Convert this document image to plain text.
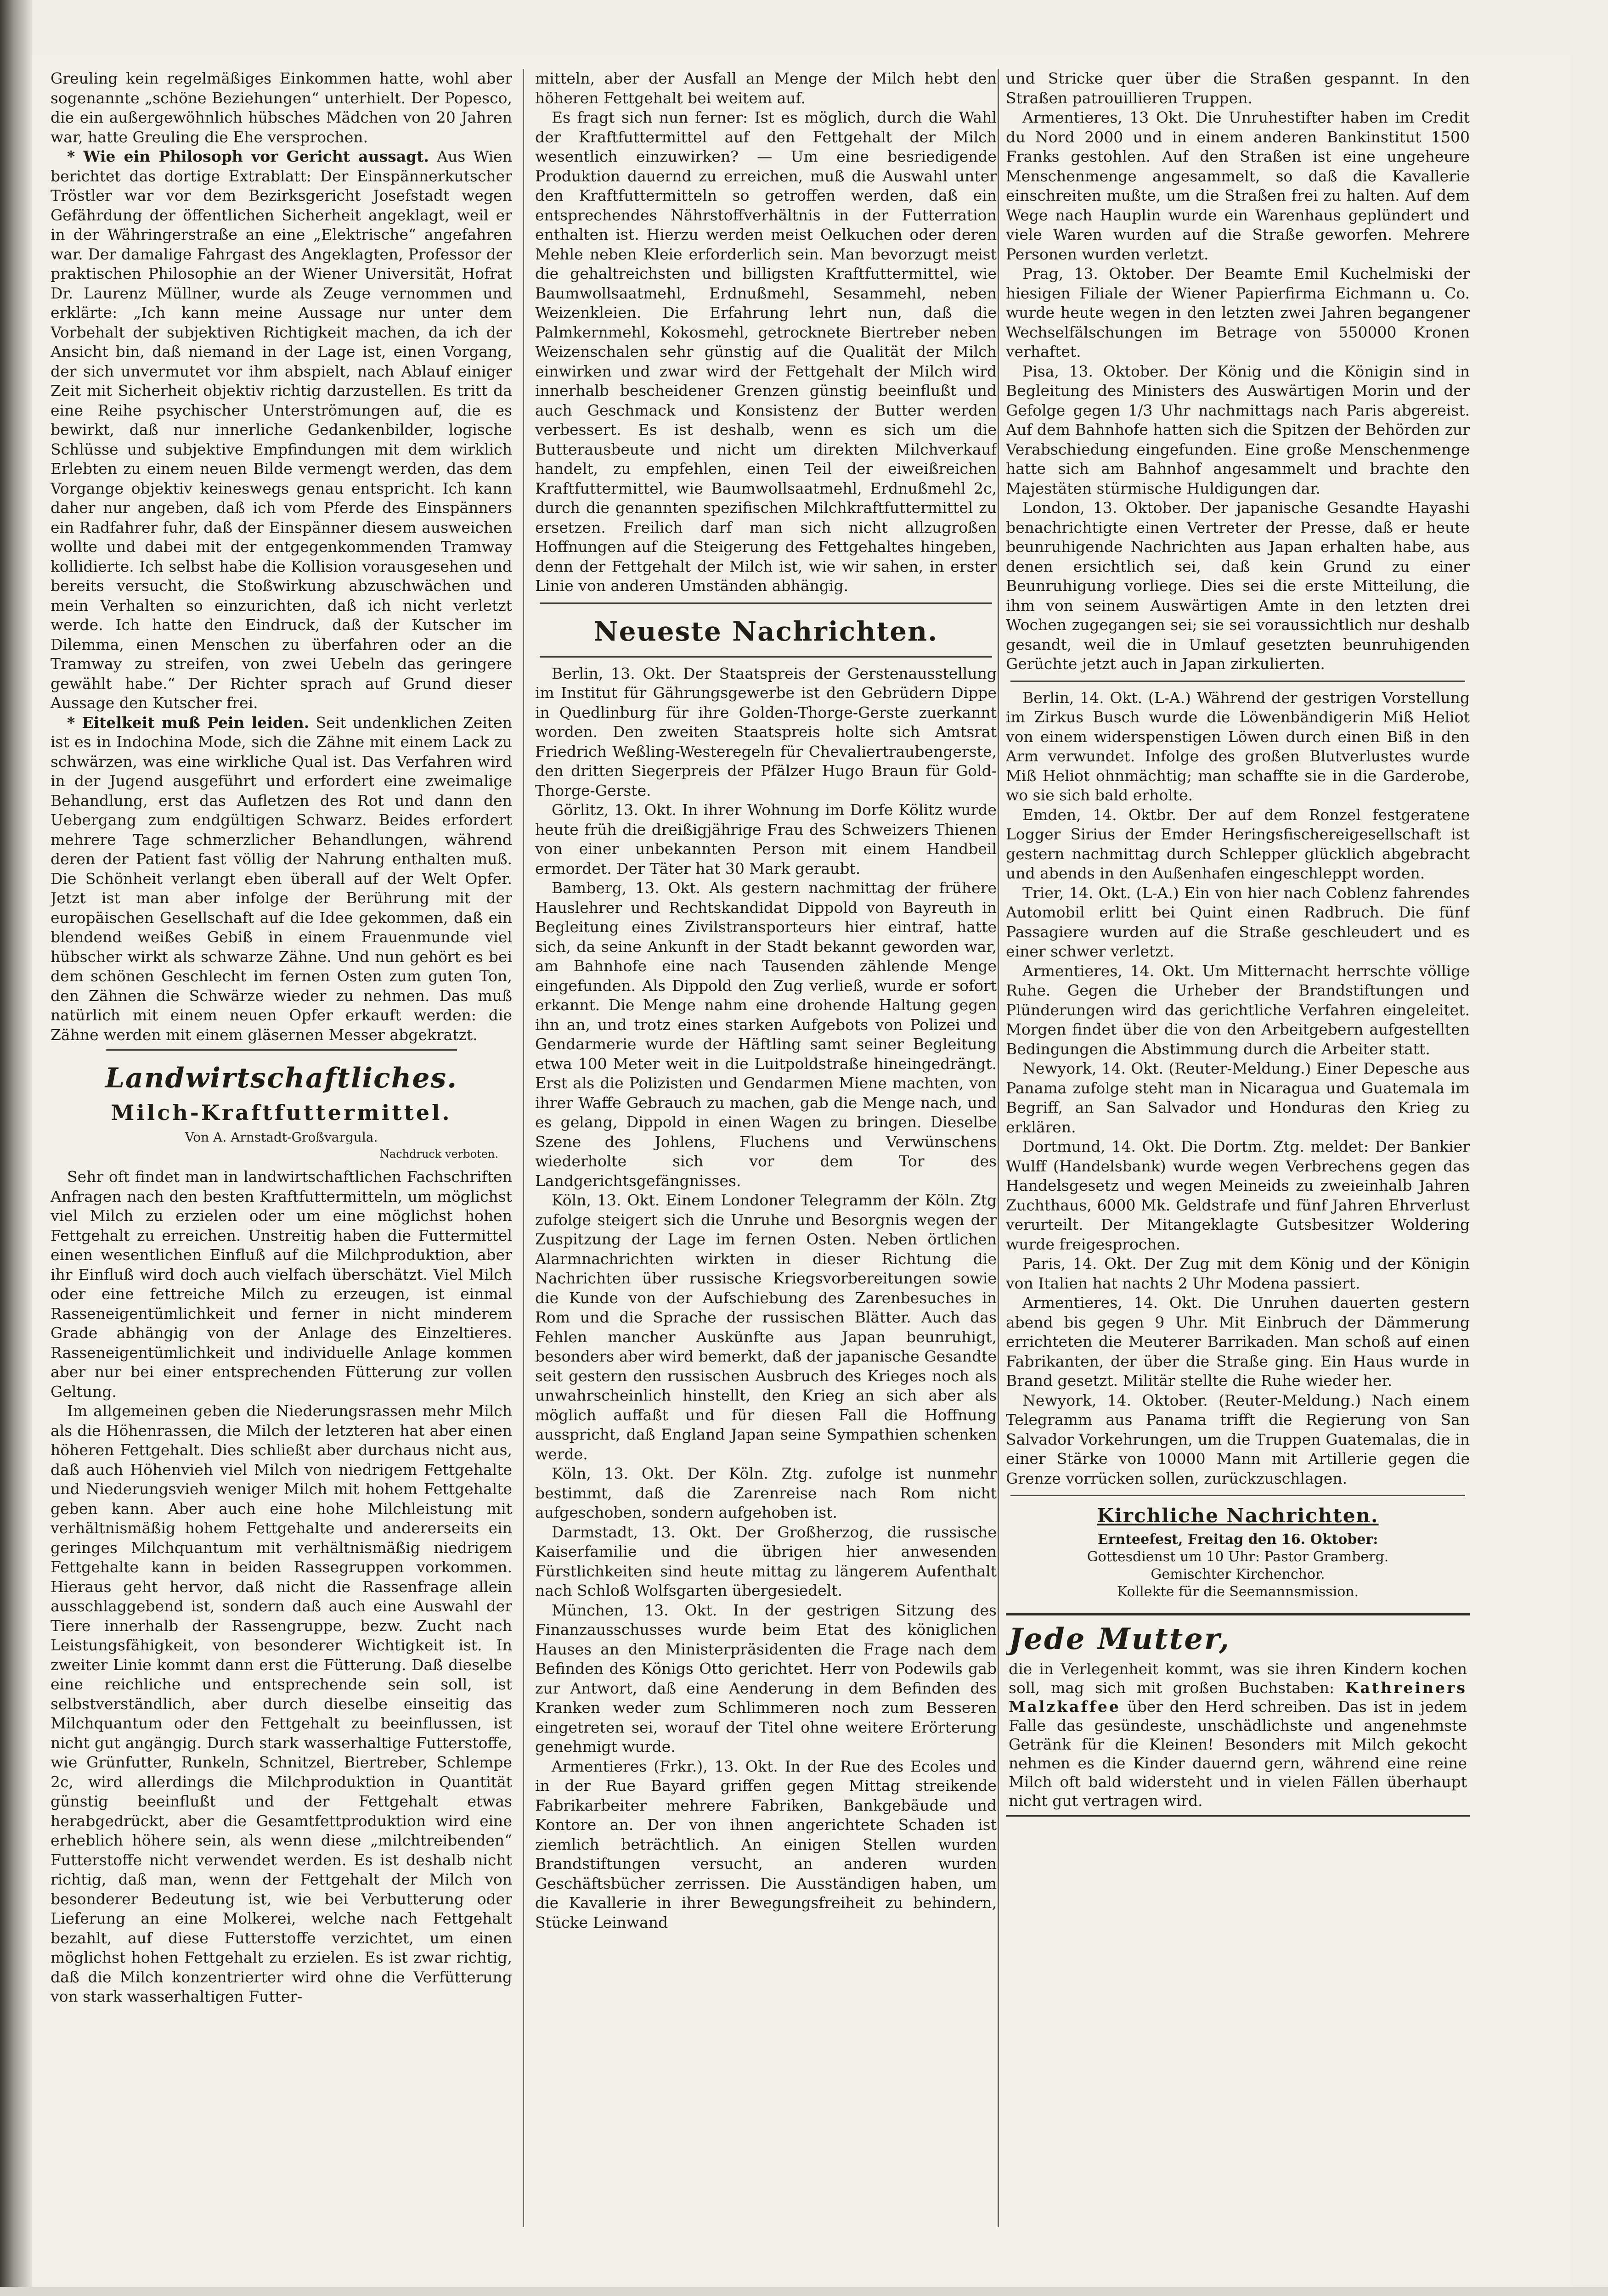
Greuling kein regelmäßiges Einkommen hatte, wohl aber sogenannte „schöne Beziehungen“ unterhielt. Der Popesco, die ein außergewöhnlich hübsches Mädchen von 20 Jahren war, hatte Greuling die Ehe versprochen.

* Wie ein Philosoph vor Gericht aussagt. Aus Wien berichtet das dortige Extrablatt: Der Einspännerkutscher Tröstler war vor dem Bezirksgericht Josefstadt wegen Gefährdung der öffentlichen Sicherheit angeklagt, weil er in der Währingerstraße an eine „Elektrische“ angefahren war. Der damalige Fahrgast des Angeklagten, Professor der praktischen Philosophie an der Wiener Universität, Hofrat Dr. Laurenz Müllner, wurde als Zeuge vernommen und erklärte: „Ich kann meine Aussage nur unter dem Vorbehalt der subjektiven Richtigkeit machen, da ich der Ansicht bin, daß niemand in der Lage ist, einen Vorgang, der sich unvermutet vor ihm abspielt, nach Ablauf einiger Zeit mit Sicherheit objektiv richtig darzustellen. Es tritt da eine Reihe psychischer Unterströmungen auf, die es bewirkt, daß nur innerliche Gedankenbilder, logische Schlüsse und subjektive Empfindungen mit dem wirklich Erlebten zu einem neuen Bilde vermengt werden, das dem Vorgange objektiv keineswegs genau entspricht. Ich kann daher nur angeben, daß ich vom Pferde des Einspänners ein Radfahrer fuhr, daß der Einspänner diesem ausweichen wollte und dabei mit der entgegenkommenden Tramway kollidierte. Ich selbst habe die Kollision vorausgesehen und bereits versucht, die Stoßwirkung abzuschwächen und mein Verhalten so einzurichten, daß ich nicht verletzt werde. Ich hatte den Eindruck, daß der Kutscher im Dilemma, einen Menschen zu überfahren oder an die Tramway zu streifen, von zwei Uebeln das geringere gewählt habe.“ Der Richter sprach auf Grund dieser Aussage den Kutscher frei.

* Eitelkeit muß Pein leiden. Seit undenklichen Zeiten ist es in Indochina Mode, sich die Zähne mit einem Lack zu schwärzen, was eine wirkliche Qual ist. Das Verfahren wird in der Jugend ausgeführt und erfordert eine zweimalige Behandlung, erst das Aufletzen des Rot und dann den Uebergang zum endgültigen Schwarz. Beides erfordert mehrere Tage schmerzlicher Behandlungen, während deren der Patient fast völlig der Nahrung enthalten muß. Die Schönheit verlangt eben überall auf der Welt Opfer. Jetzt ist man aber infolge der Berührung mit der europäischen Gesellschaft auf die Idee gekommen, daß ein blendend weißes Gebiß in einem Frauenmunde viel hübscher wirkt als schwarze Zähne. Und nun gehört es bei dem schönen Geschlecht im fernen Osten zum guten Ton, den Zähnen die Schwärze wieder zu nehmen. Das muß natürlich mit einem neuen Opfer erkauft werden: die Zähne werden mit einem gläsernen Messer abgekratzt.

Landwirtschaftliches.
Milch-Kraftfuttermittel.
Von A. Arnstadt-Großvargula.
Nachdruck verboten.

Sehr oft findet man in landwirtschaftlichen Fachschriften Anfragen nach den besten Kraftfuttermitteln, um möglichst viel Milch zu erzielen oder um eine möglichst hohen Fettgehalt zu erreichen. Unstreitig haben die Futtermittel einen wesentlichen Einfluß auf die Milchproduktion, aber ihr Einfluß wird doch auch vielfach überschätzt. Viel Milch oder eine fettreiche Milch zu erzeugen, ist einmal Rasseneigentümlichkeit und ferner in nicht minderem Grade abhängig von der Anlage des Einzeltieres. Rasseneigentümlichkeit und individuelle Anlage kommen aber nur bei einer entsprechenden Fütterung zur vollen Geltung.

Im allgemeinen geben die Niederungsrassen mehr Milch als die Höhenrassen, die Milch der letzteren hat aber einen höheren Fettgehalt. Dies schließt aber durchaus nicht aus, daß auch Höhenvieh viel Milch von niedrigem Fettgehalte und Niederungsvieh weniger Milch mit hohem Fettgehalte geben kann. Aber auch eine hohe Milchleistung mit verhältnismäßig hohem Fettgehalte und andererseits ein geringes Milchquantum mit verhältnismäßig niedrigem Fettgehalte kann in beiden Rassegruppen vorkommen. Hieraus geht hervor, daß nicht die Rassenfrage allein ausschlaggebend ist, sondern daß auch eine Auswahl der Tiere innerhalb der Rassengruppe, bezw. Zucht nach Leistungsfähigkeit, von besonderer Wichtigkeit ist. In zweiter Linie kommt dann erst die Fütterung. Daß dieselbe eine reichliche und entsprechende sein soll, ist selbstverständlich, aber durch dieselbe einseitig das Milchquantum oder den Fettgehalt zu beeinflussen, ist nicht gut angängig. Durch stark wasserhaltige Futterstoffe, wie Grünfutter, Runkeln, Schnitzel, Biertreber, Schlempe 2c, wird allerdings die Milchproduktion in Quantität günstig beeinflußt und der Fettgehalt etwas herabgedrückt, aber die Gesamtfettproduktion wird eine erheblich höhere sein, als wenn diese „milchtreibenden“ Futterstoffe nicht verwendet werden. Es ist deshalb nicht richtig, daß man, wenn der Fettgehalt der Milch von besonderer Bedeutung ist, wie bei Verbutterung oder Lieferung an eine Molkerei, welche nach Fettgehalt bezahlt, auf diese Futterstoffe verzichtet, um einen möglichst hohen Fettgehalt zu erzielen. Es ist zwar richtig, daß die Milch konzentrierter wird ohne die Verfütterung von stark wasserhaltigen Futter-

mitteln, aber der Ausfall an Menge der Milch hebt den höheren Fettgehalt bei weitem auf.

Es fragt sich nun ferner: Ist es möglich, durch die Wahl der Kraftfuttermittel auf den Fettgehalt der Milch wesentlich einzuwirken? — Um eine besriedigende Produktion dauernd zu erreichen, muß die Auswahl unter den Kraftfuttermitteln so getroffen werden, daß ein entsprechendes Nährstoffverhältnis in der Futterration enthalten ist. Hierzu werden meist Oelkuchen oder deren Mehle neben Kleie erforderlich sein. Man bevorzugt meist die gehaltreichsten und billigsten Kraftfuttermittel, wie Baumwollsaatmehl, Erdnußmehl, Sesammehl, neben Weizenkleien. Die Erfahrung lehrt nun, daß die Palmkernmehl, Kokosmehl, getrocknete Biertreber neben Weizenschalen sehr günstig auf die Qualität der Milch einwirken und zwar wird der Fettgehalt der Milch wird innerhalb bescheidener Grenzen günstig beeinflußt und auch Geschmack und Konsistenz der Butter werden verbessert. Es ist deshalb, wenn es sich um die Butterausbeute und nicht um direkten Milchverkauf handelt, zu empfehlen, einen Teil der eiweißreichen Kraftfuttermittel, wie Baumwollsaatmehl, Erdnußmehl 2c, durch die genannten spezifischen Milchkraftfuttermittel zu ersetzen. Freilich darf man sich nicht allzugroßen Hoffnungen auf die Steigerung des Fettgehaltes hingeben, denn der Fettgehalt der Milch ist, wie wir sahen, in erster Linie von anderen Umständen abhängig.

Neueste Nachrichten.

Berlin, 13. Okt. Der Staatspreis der Gerstenausstellung im Institut für Gährungsgewerbe ist den Gebrüdern Dippe in Quedlinburg für ihre Golden-Thorge-Gerste zuerkannt worden. Den zweiten Staatspreis holte sich Amtsrat Friedrich Weßling-Westeregeln für Chevaliertraubengerste, den dritten Siegerpreis der Pfälzer Hugo Braun für Gold-Thorge-Gerste.

Görlitz, 13. Okt. In ihrer Wohnung im Dorfe Kölitz wurde heute früh die dreißigjährige Frau des Schweizers Thienen von einer unbekannten Person mit einem Handbeil ermordet. Der Täter hat 30 Mark geraubt.

Bamberg, 13. Okt. Als gestern nachmittag der frühere Hauslehrer und Rechtskandidat Dippold von Bayreuth in Begleitung eines Zivilstransporteurs hier eintraf, hatte sich, da seine Ankunft in der Stadt bekannt geworden war, am Bahnhofe eine nach Tausenden zählende Menge eingefunden. Als Dippold den Zug verließ, wurde er sofort erkannt. Die Menge nahm eine drohende Haltung gegen ihn an, und trotz eines starken Aufgebots von Polizei und Gendarmerie wurde der Häftling samt seiner Begleitung etwa 100 Meter weit in die Luitpoldstraße hineingedrängt. Erst als die Polizisten und Gendarmen Miene machten, von ihrer Waffe Gebrauch zu machen, gab die Menge nach, und es gelang, Dippold in einen Wagen zu bringen. Dieselbe Szene des Johlens, Fluchens und Verwünschens wiederholte sich vor dem Tor des Landgerichtsgefängnisses.

Köln, 13. Okt. Einem Londoner Telegramm der Köln. Ztg zufolge steigert sich die Unruhe und Besorgnis wegen der Zuspitzung der Lage im fernen Osten. Neben örtlichen Alarmnachrichten wirkten in dieser Richtung die Nachrichten über russische Kriegsvorbereitungen sowie die Kunde von der Aufschiebung des Zarenbesuches in Rom und die Sprache der russischen Blätter. Auch das Fehlen mancher Auskünfte aus Japan beunruhigt, besonders aber wird bemerkt, daß der japanische Gesandte seit gestern den russischen Ausbruch des Krieges noch als unwahrscheinlich hinstellt, den Krieg an sich aber als möglich auffaßt und für diesen Fall die Hoffnung ausspricht, daß England Japan seine Sympathien schenken werde.

Köln, 13. Okt. Der Köln. Ztg. zufolge ist nunmehr bestimmt, daß die Zarenreise nach Rom nicht aufgeschoben, sondern aufgehoben ist.

Darmstadt, 13. Okt. Der Großherzog, die russische Kaiserfamilie und die übrigen hier anwesenden Fürstlichkeiten sind heute mittag zu längerem Aufenthalt nach Schloß Wolfsgarten übergesiedelt.

München, 13. Okt. In der gestrigen Sitzung des Finanzausschusses wurde beim Etat des königlichen Hauses an den Ministerpräsidenten die Frage nach dem Befinden des Königs Otto gerichtet. Herr von Podewils gab zur Antwort, daß eine Aenderung in dem Befinden des Kranken weder zum Schlimmeren noch zum Besseren eingetreten sei, worauf der Titel ohne weitere Erörterung genehmigt wurde.

Armentieres (Frkr.), 13. Okt. In der Rue des Ecoles und in der Rue Bayard griffen gegen Mittag streikende Fabrikarbeiter mehrere Fabriken, Bankgebäude und Kontore an. Der von ihnen angerichtete Schaden ist ziemlich beträchtlich. An einigen Stellen wurden Brandstiftungen versucht, an anderen wurden Geschäftsbücher zerrissen. Die Ausständigen haben, um die Kavallerie in ihrer Bewegungsfreiheit zu behindern, Stücke Leinwand

und Stricke quer über die Straßen gespannt. In den Straßen patrouillieren Truppen.

Armentieres, 13 Okt. Die Unruhestifter haben im Credit du Nord 2000 und in einem anderen Bankinstitut 1500 Franks gestohlen. Auf den Straßen ist eine ungeheure Menschenmenge angesammelt, so daß die Kavallerie einschreiten mußte, um die Straßen frei zu halten. Auf dem Wege nach Hauplin wurde ein Warenhaus geplündert und viele Waren wurden auf die Straße geworfen. Mehrere Personen wurden verletzt.

Prag, 13. Oktober. Der Beamte Emil Kuchelmiski der hiesigen Filiale der Wiener Papierfirma Eichmann u. Co. wurde heute wegen in den letzten zwei Jahren begangener Wechselfälschungen im Betrage von 550000 Kronen verhaftet.

Pisa, 13. Oktober. Der König und die Königin sind in Begleitung des Ministers des Auswärtigen Morin und der Gefolge gegen 1/3 Uhr nachmittags nach Paris abgereist. Auf dem Bahnhofe hatten sich die Spitzen der Behörden zur Verabschiedung eingefunden. Eine große Menschenmenge hatte sich am Bahnhof angesammelt und brachte den Majestäten stürmische Huldigungen dar.

London, 13. Oktober. Der japanische Gesandte Hayashi benachrichtigte einen Vertreter der Presse, daß er heute beunruhigende Nachrichten aus Japan erhalten habe, aus denen ersichtlich sei, daß kein Grund zu einer Beunruhigung vorliege. Dies sei die erste Mitteilung, die ihm von seinem Auswärtigen Amte in den letzten drei Wochen zugegangen sei; sie sei voraussichtlich nur deshalb gesandt, weil die in Umlauf gesetzten beunruhigenden Gerüchte jetzt auch in Japan zirkulierten.

Berlin, 14. Okt. (L-A.) Während der gestrigen Vorstellung im Zirkus Busch wurde die Löwenbändigerin Miß Heliot von einem widerspenstigen Löwen durch einen Biß in den Arm verwundet. Infolge des großen Blutverlustes wurde Miß Heliot ohnmächtig; man schaffte sie in die Garderobe, wo sie sich bald erholte.

Emden, 14. Oktbr. Der auf dem Ronzel festgeratene Logger Sirius der Emder Heringsfischereigesellschaft ist gestern nachmittag durch Schlepper glücklich abgebracht und abends in den Außenhafen eingeschleppt worden.

Trier, 14. Okt. (L-A.) Ein von hier nach Coblenz fahrendes Automobil erlitt bei Quint einen Radbruch. Die fünf Passagiere wurden auf die Straße geschleudert und es einer schwer verletzt.

Armentieres, 14. Okt. Um Mitternacht herrschte völlige Ruhe. Gegen die Urheber der Brandstiftungen und Plünderungen wird das gerichtliche Verfahren eingeleitet. Morgen findet über die von den Arbeitgebern aufgestellten Bedingungen die Abstimmung durch die Arbeiter statt.

Newyork, 14. Okt. (Reuter-Meldung.) Einer Depesche aus Panama zufolge steht man in Nicaragua und Guatemala im Begriff, an San Salvador und Honduras den Krieg zu erklären.

Dortmund, 14. Okt. Die Dortm. Ztg. meldet: Der Bankier Wulff (Handelsbank) wurde wegen Verbrechens gegen das Handelsgesetz und wegen Meineids zu zweieinhalb Jahren Zuchthaus, 6000 Mk. Geldstrafe und fünf Jahren Ehrverlust verurteilt. Der Mitangeklagte Gutsbesitzer Woldering wurde freigesprochen.

Paris, 14. Okt. Der Zug mit dem König und der Königin von Italien hat nachts 2 Uhr Modena passiert.

Armentieres, 14. Okt. Die Unruhen dauerten gestern abend bis gegen 9 Uhr. Mit Einbruch der Dämmerung errichteten die Meuterer Barrikaden. Man schoß auf einen Fabrikanten, der über die Straße ging. Ein Haus wurde in Brand gesetzt. Militär stellte die Ruhe wieder her.

Newyork, 14. Oktober. (Reuter-Meldung.) Nach einem Telegramm aus Panama trifft die Regierung von San Salvador Vorkehrungen, um die Truppen Guatemalas, die in einer Stärke von 10000 Mann mit Artillerie gegen die Grenze vorrücken sollen, zurückzuschlagen.

Kirchliche Nachrichten.
Ernteefest, Freitag den 16. Oktober:
Gottesdienst um 10 Uhr: Pastor Gramberg.
Gemischter Kirchenchor.
Kollekte für die Seemannsmission.
Jede Mutter,
die in Verlegenheit kommt, was sie ihren Kindern kochen soll, mag sich mit großen Buchstaben: Kathreiners Malzkaffee über den Herd schreiben. Das ist in jedem Falle das gesündeste, unschädlichste und angenehmste Getränk für die Kleinen! Besonders mit Milch gekocht nehmen es die Kinder dauernd gern, während eine reine Milch oft bald widersteht und in vielen Fällen überhaupt nicht gut vertragen wird.
